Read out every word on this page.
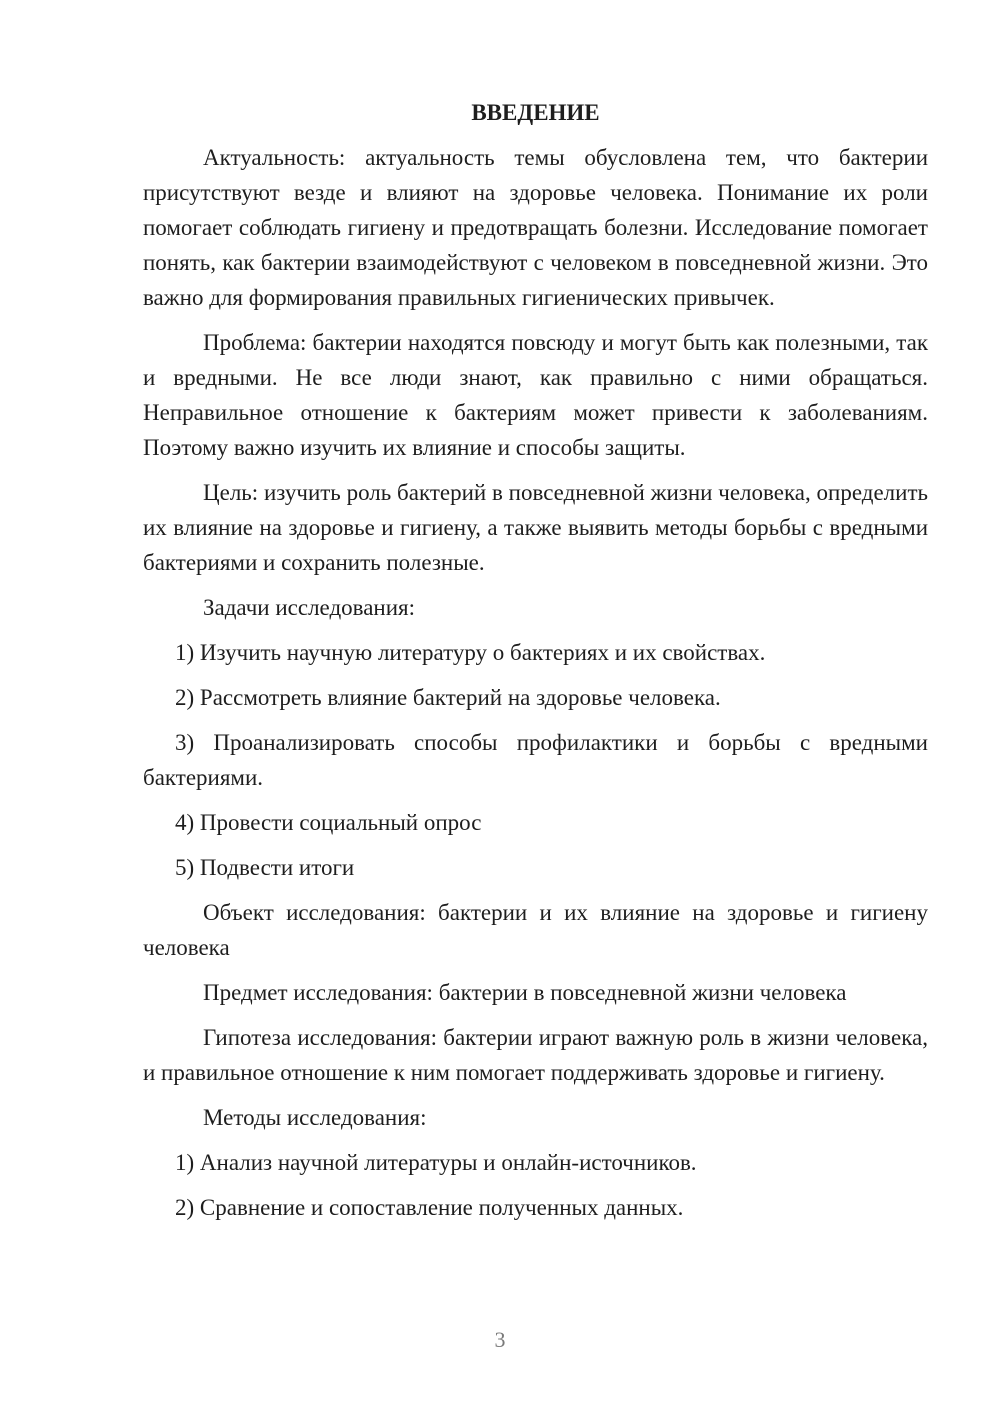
ВВЕДЕНИЕ

Актуальность: актуальность темы обусловлена тем, что бактерии присутствуют везде и влияют на здоровье человека. Понимание их роли помогает соблюдать гигиену и предотвращать болезни. Исследование помогает понять, как бактерии взаимодействуют с человеком в повседневной жизни. Это важно для формирования правильных гигиенических привычек.

Проблема: бактерии находятся повсюду и могут быть как полезными, так и вредными. Не все люди знают, как правильно с ними обращаться. Неправильное отношение к бактериям может привести к заболеваниям. Поэтому важно изучить их влияние и способы защиты.

Цель: изучить роль бактерий в повседневной жизни человека, определить их влияние на здоровье и гигиену, а также выявить методы борьбы с вредными бактериями и сохранить полезные.

Задачи исследования:

1) Изучить научную литературу о бактериях и их свойствах.

2) Рассмотреть влияние бактерий на здоровье человека.

3) Проанализировать способы профилактики и борьбы с вредными бактериями.

4) Провести социальный опрос

5) Подвести итоги

Объект исследования: бактерии и их влияние на здоровье и гигиену человека

Предмет исследования: бактерии в повседневной жизни человека

Гипотеза исследования: бактерии играют важную роль в жизни человека, и правильное отношение к ним помогает поддерживать здоровье и гигиену.

Методы исследования:

1) Анализ научной литературы и онлайн-источников.

2) Сравнение и сопоставление полученных данных.

3
